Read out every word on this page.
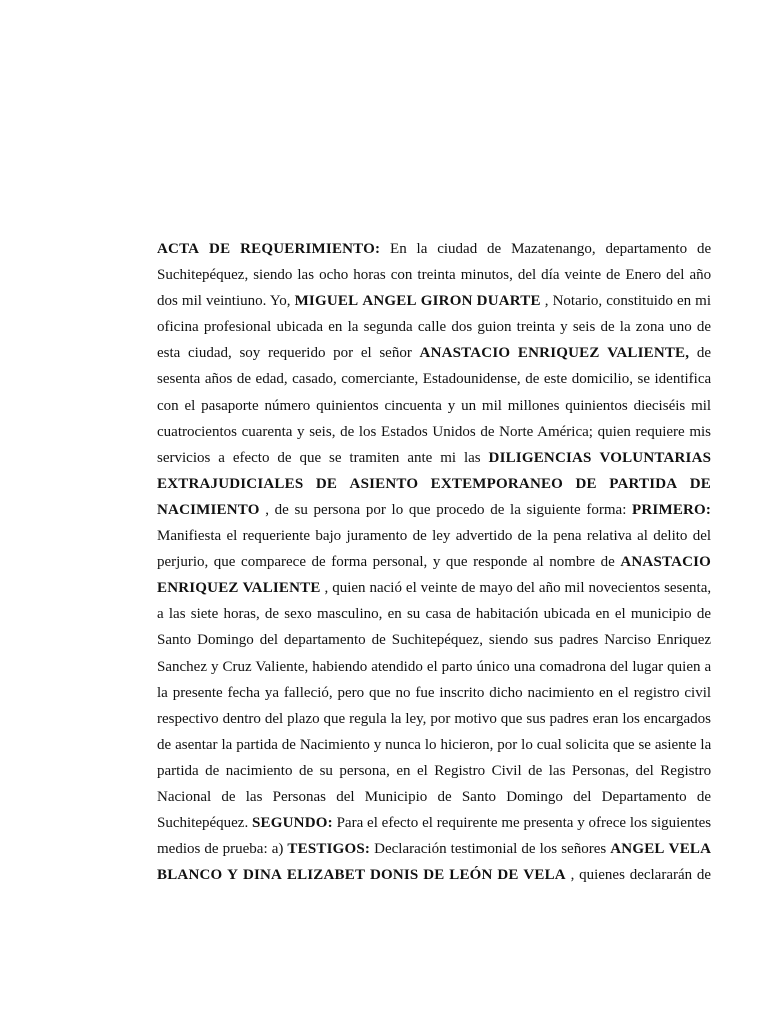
ACTA DE REQUERIMIENTO: En la ciudad de Mazatenango, departamento de
Suchitepéquez, siendo las ocho horas con treinta minutos, del día veinte de Enero del año
dos mil veintiuno. Yo, MIGUEL ANGEL GIRON DUARTE , Notario, constituido en mi
oficina profesional ubicada en la segunda calle dos guion treinta y seis de la zona uno de
esta ciudad, soy requerido por el señor ANASTACIO ENRIQUEZ VALIENTE, de
sesenta años de edad, casado, comerciante, Estadounidense, de este domicilio, se identifica
con el pasaporte número quinientos cincuenta y un mil millones quinientos dieciséis mil
cuatrocientos cuarenta y seis, de los Estados Unidos de Norte América; quien requiere mis
servicios a efecto de que se tramiten ante mi las DILIGENCIAS VOLUNTARIAS
EXTRAJUDICIALES DE ASIENTO EXTEMPORANEO DE PARTIDA DE
NACIMIENTO , de su persona por lo que procedo de la siguiente forma: PRIMERO:
Manifiesta el requeriente bajo juramento de ley advertido de la pena relativa al delito del
perjurio, que comparece de forma personal, y que responde al nombre de ANASTACIO
ENRIQUEZ VALIENTE , quien nació el veinte de mayo del año mil novecientos sesenta,
a las siete horas, de sexo masculino, en su casa de habitación ubicada en el municipio de
Santo Domingo del departamento de Suchitepéquez, siendo sus padres Narciso Enriquez
Sanchez y Cruz Valiente, habiendo atendido el parto único una comadrona del lugar quien a
la presente fecha ya falleció, pero que no fue inscrito dicho nacimiento en el registro civil
respectivo dentro del plazo que regula la ley, por motivo que sus padres eran los encargados
de asentar la partida de Nacimiento y nunca lo hicieron, por lo cual solicita que se asiente la
partida de nacimiento de su persona, en el Registro Civil de las Personas, del Registro
Nacional de las Personas del Municipio de Santo Domingo del Departamento de
Suchitepéquez. SEGUNDO: Para el efecto el requirente me presenta y ofrece los siguientes
medios de prueba: a) TESTIGOS: Declaración testimonial de los señores ANGEL VELA
BLANCO Y DINA ELIZABET DONIS DE LEÓN DE VELA , quienes declararán de
